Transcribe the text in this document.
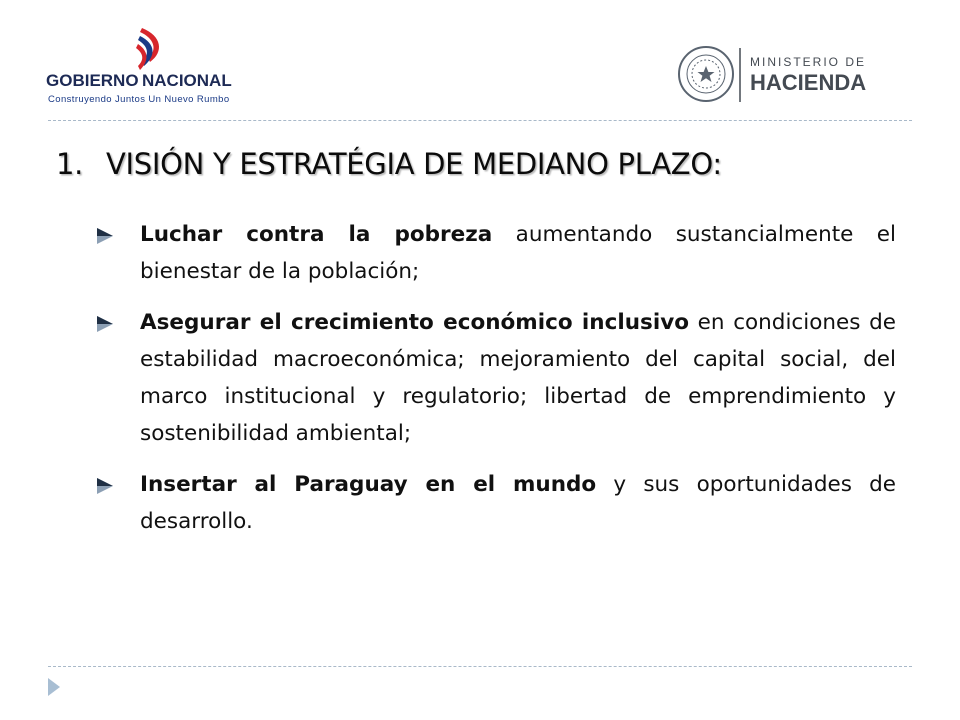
GOBIERNO NACIONAL
Construyendo Juntos Un Nuevo Rumbo
MINISTERIO DE
HACIENDA
1. VISIÓN Y ESTRATÉGIA DE MEDIANO PLAZO:
Luchar contra la pobreza aumentando sustancialmente el bienestar de la población;
Asegurar el crecimiento económico inclusivo en condiciones de estabilidad macroeconómica; mejoramiento del capital social, del marco institucional y regulatorio; libertad de emprendimiento y sostenibilidad ambiental;
Insertar al Paraguay en el mundo y sus oportunidades de desarrollo.
